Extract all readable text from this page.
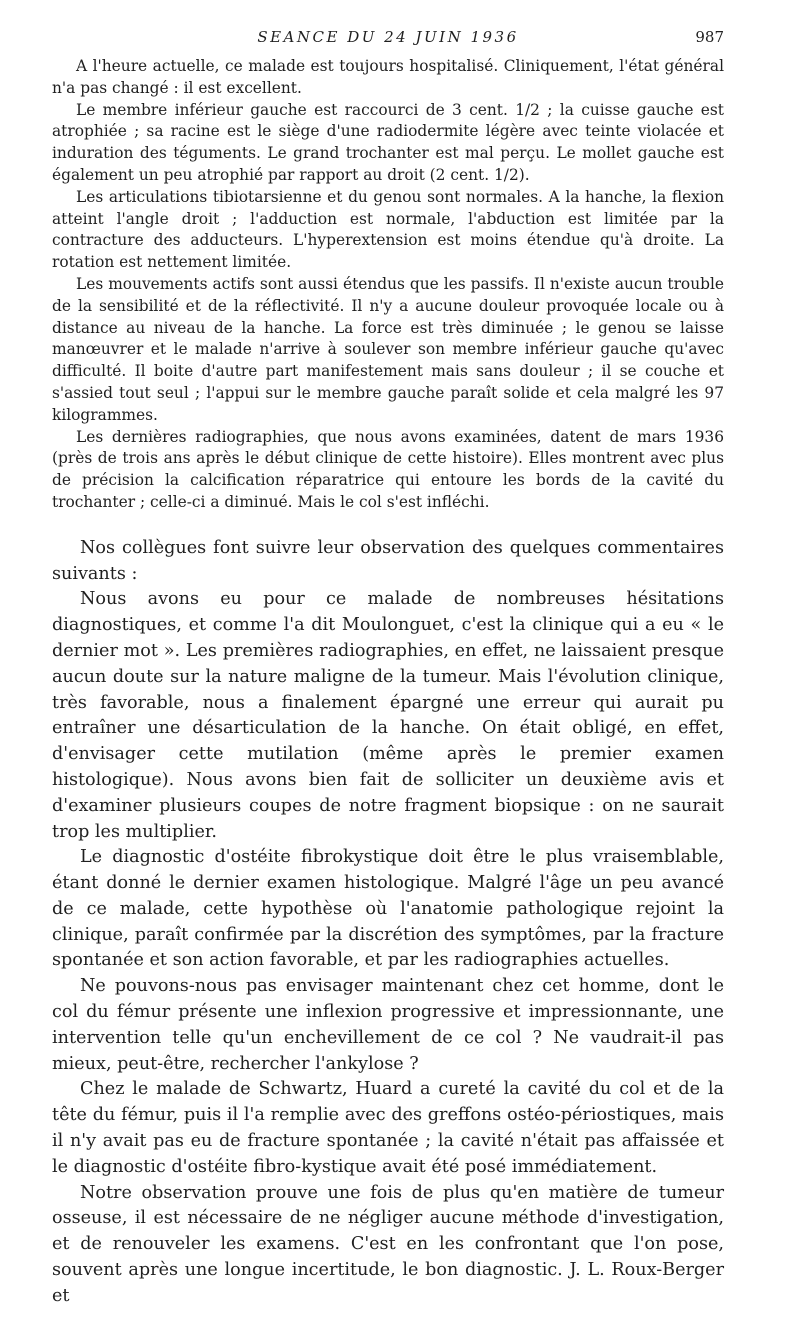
SEANCE DU 24 JUIN 1936	987

A l'heure actuelle, ce malade est toujours hospitalisé. Cliniquement, l'état général n'a pas changé : il est excellent.

Le membre inférieur gauche est raccourci de 3 cent. 1/2 ; la cuisse gauche est atrophiée ; sa racine est le siège d'une radiodermite légère avec teinte violacée et induration des téguments. Le grand trochanter est mal perçu. Le mollet gauche est également un peu atrophié par rapport au droit (2 cent. 1/2).

Les articulations tibiotarsienne et du genou sont normales. A la hanche, la flexion atteint l'angle droit ; l'adduction est normale, l'abduction est limitée par la contracture des adducteurs. L'hyperextension est moins étendue qu'à droite. La rotation est nettement limitée.

Les mouvements actifs sont aussi étendus que les passifs. Il n'existe aucun trouble de la sensibilité et de la réflectivité. Il n'y a aucune douleur provoquée locale ou à distance au niveau de la hanche. La force est très diminuée ; le genou se laisse manœuvrer et le malade n'arrive à soulever son membre inférieur gauche qu'avec difficulté. Il boite d'autre part manifestement mais sans douleur ; il se couche et s'assied tout seul ; l'appui sur le membre gauche paraît solide et cela malgré les 97 kilogrammes.

Les dernières radiographies, que nous avons examinées, datent de mars 1936 (près de trois ans après le début clinique de cette histoire). Elles montrent avec plus de précision la calcification réparatrice qui entoure les bords de la cavité du trochanter ; celle-ci a diminué. Mais le col s'est infléchi.

Nos collègues font suivre leur observation des quelques commentaires suivants :

Nous avons eu pour ce malade de nombreuses hésitations diagnostiques, et comme l'a dit Moulonguet, c'est la clinique qui a eu « le dernier mot ». Les premières radiographies, en effet, ne laissaient presque aucun doute sur la nature maligne de la tumeur. Mais l'évolution clinique, très favorable, nous a finalement épargné une erreur qui aurait pu entraîner une désarticulation de la hanche. On était obligé, en effet, d'envisager cette mutilation (même après le premier examen histologique). Nous avons bien fait de solliciter un deuxième avis et d'examiner plusieurs coupes de notre fragment biopsique : on ne saurait trop les multiplier.

Le diagnostic d'ostéite fibrokystique doit être le plus vraisemblable, étant donné le dernier examen histologique. Malgré l'âge un peu avancé de ce malade, cette hypothèse où l'anatomie pathologique rejoint la clinique, paraît confirmée par la discrétion des symptômes, par la fracture spontanée et son action favorable, et par les radiographies actuelles.

Ne pouvons-nous pas envisager maintenant chez cet homme, dont le col du fémur présente une inflexion progressive et impressionnante, une intervention telle qu'un enchevillement de ce col ? Ne vaudrait-il pas mieux, peut-être, rechercher l'ankylose ?

Chez le malade de Schwartz, Huard a cureté la cavité du col et de la tête du fémur, puis il l'a remplie avec des greffons ostéo-périostiques, mais il n'y avait pas eu de fracture spontanée ; la cavité n'était pas affaissée et le diagnostic d'ostéite fibro-kystique avait été posé immédiatement.

Notre observation prouve une fois de plus qu'en matière de tumeur osseuse, il est nécessaire de ne négliger aucune méthode d'investigation, et de renouveler les examens. C'est en les confrontant que l'on pose, souvent après une longue incertitude, le bon diagnostic. J. L. Roux-Berger et
